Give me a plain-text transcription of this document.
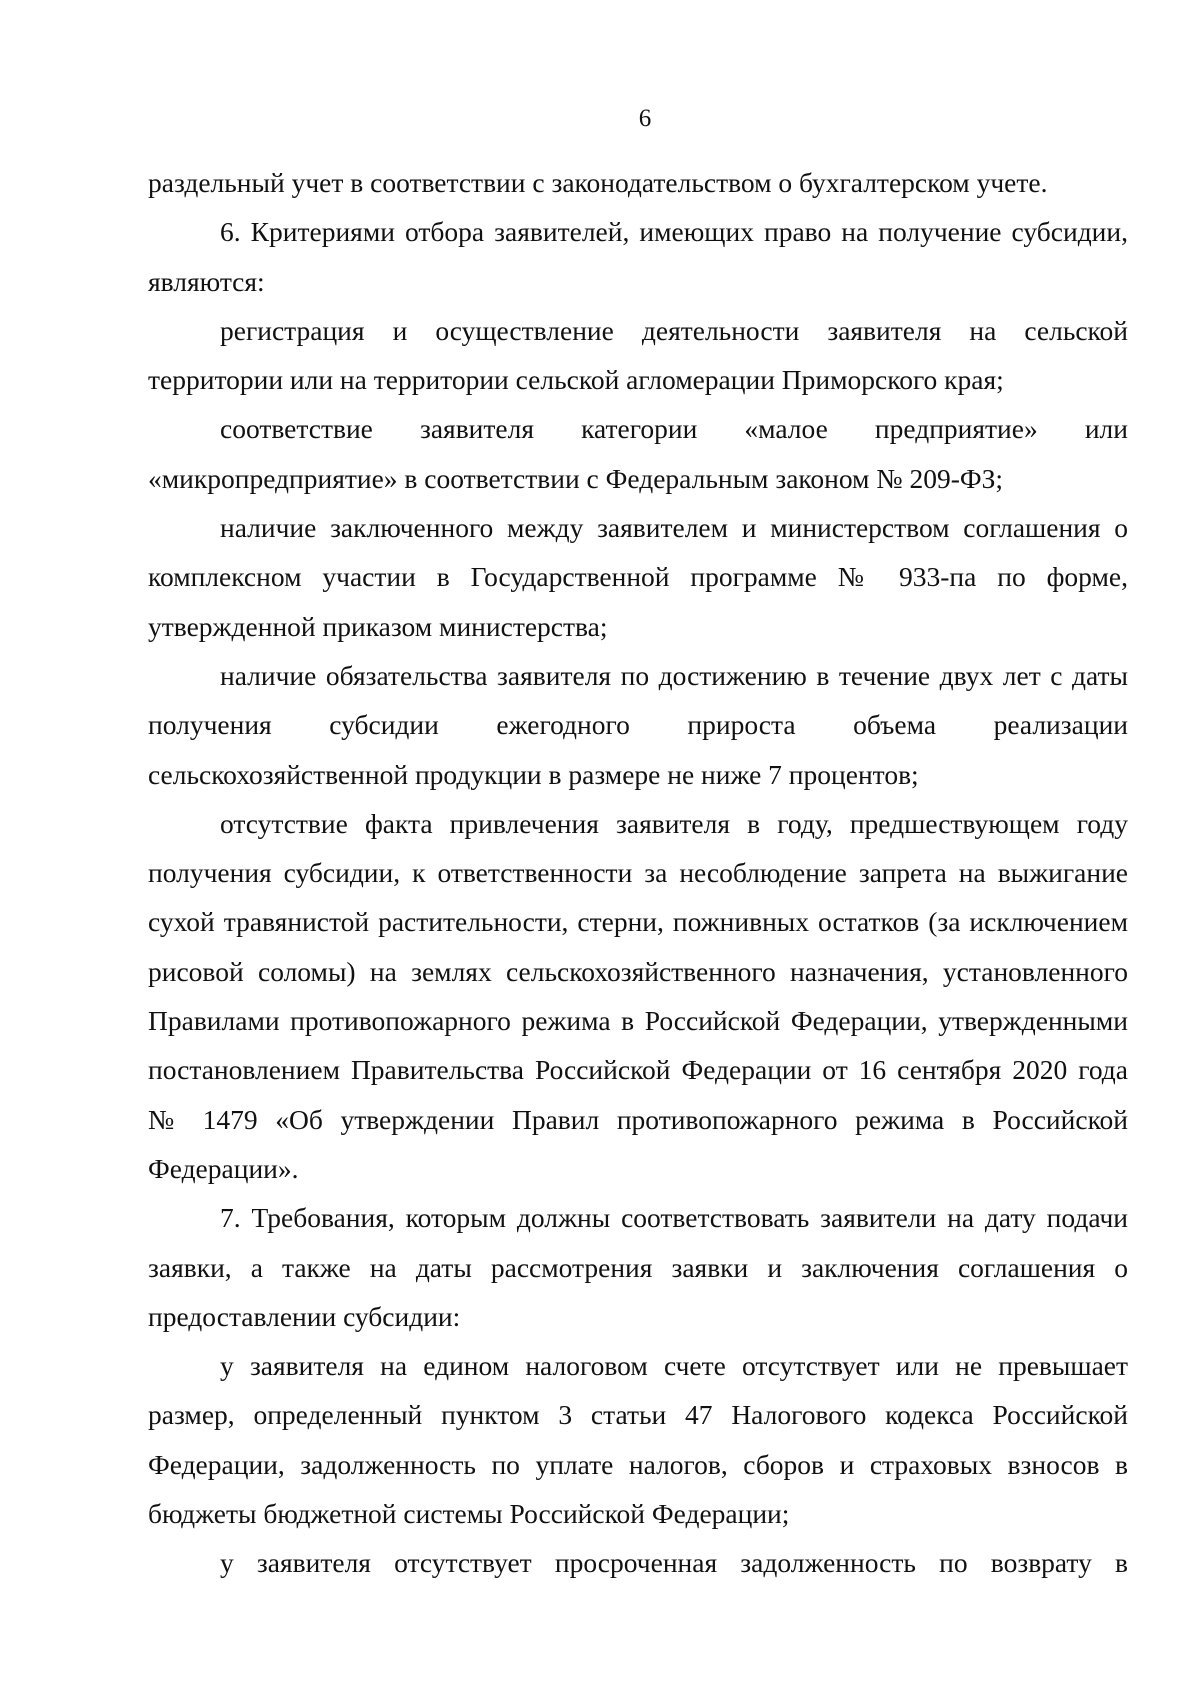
6

раздельный учет в соответствии с законодательством о бухгалтерском учете.

6. Критериями отбора заявителей, имеющих право на получение субсидии, являются:

регистрация и осуществление деятельности заявителя на сельской территории или на территории сельской агломерации Приморского края;

соответствие заявителя категории «малое предприятие» или «микропредприятие» в соответствии с Федеральным законом № 209-ФЗ;

наличие заключенного между заявителем и министерством соглашения о комплексном участии в Государственной программе № 933-па по форме, утвержденной приказом министерства;

наличие обязательства заявителя по достижению в течение двух лет с даты получения субсидии ежегодного прироста объема реализации сельскохозяйственной продукции в размере не ниже 7 процентов;

отсутствие факта привлечения заявителя в году, предшествующем году получения субсидии, к ответственности за несоблюдение запрета на выжигание сухой травянистой растительности, стерни, пожнивных остатков (за исключением рисовой соломы) на землях сельскохозяйственного назначения, установленного Правилами противопожарного режима в Российской Федерации, утвержденными постановлением Правительства Российской Федерации от 16 сентября 2020 года № 1479 «Об утверждении Правил противопожарного режима в Российской Федерации».

7. Требования, которым должны соответствовать заявители на дату подачи заявки, а также на даты рассмотрения заявки и заключения соглашения о предоставлении субсидии:

у заявителя на едином налоговом счете отсутствует или не превышает размер, определенный пунктом 3 статьи 47 Налогового кодекса Российской Федерации, задолженность по уплате налогов, сборов и страховых взносов в бюджеты бюджетной системы Российской Федерации;

у заявителя отсутствует просроченная задолженность по возврату в
